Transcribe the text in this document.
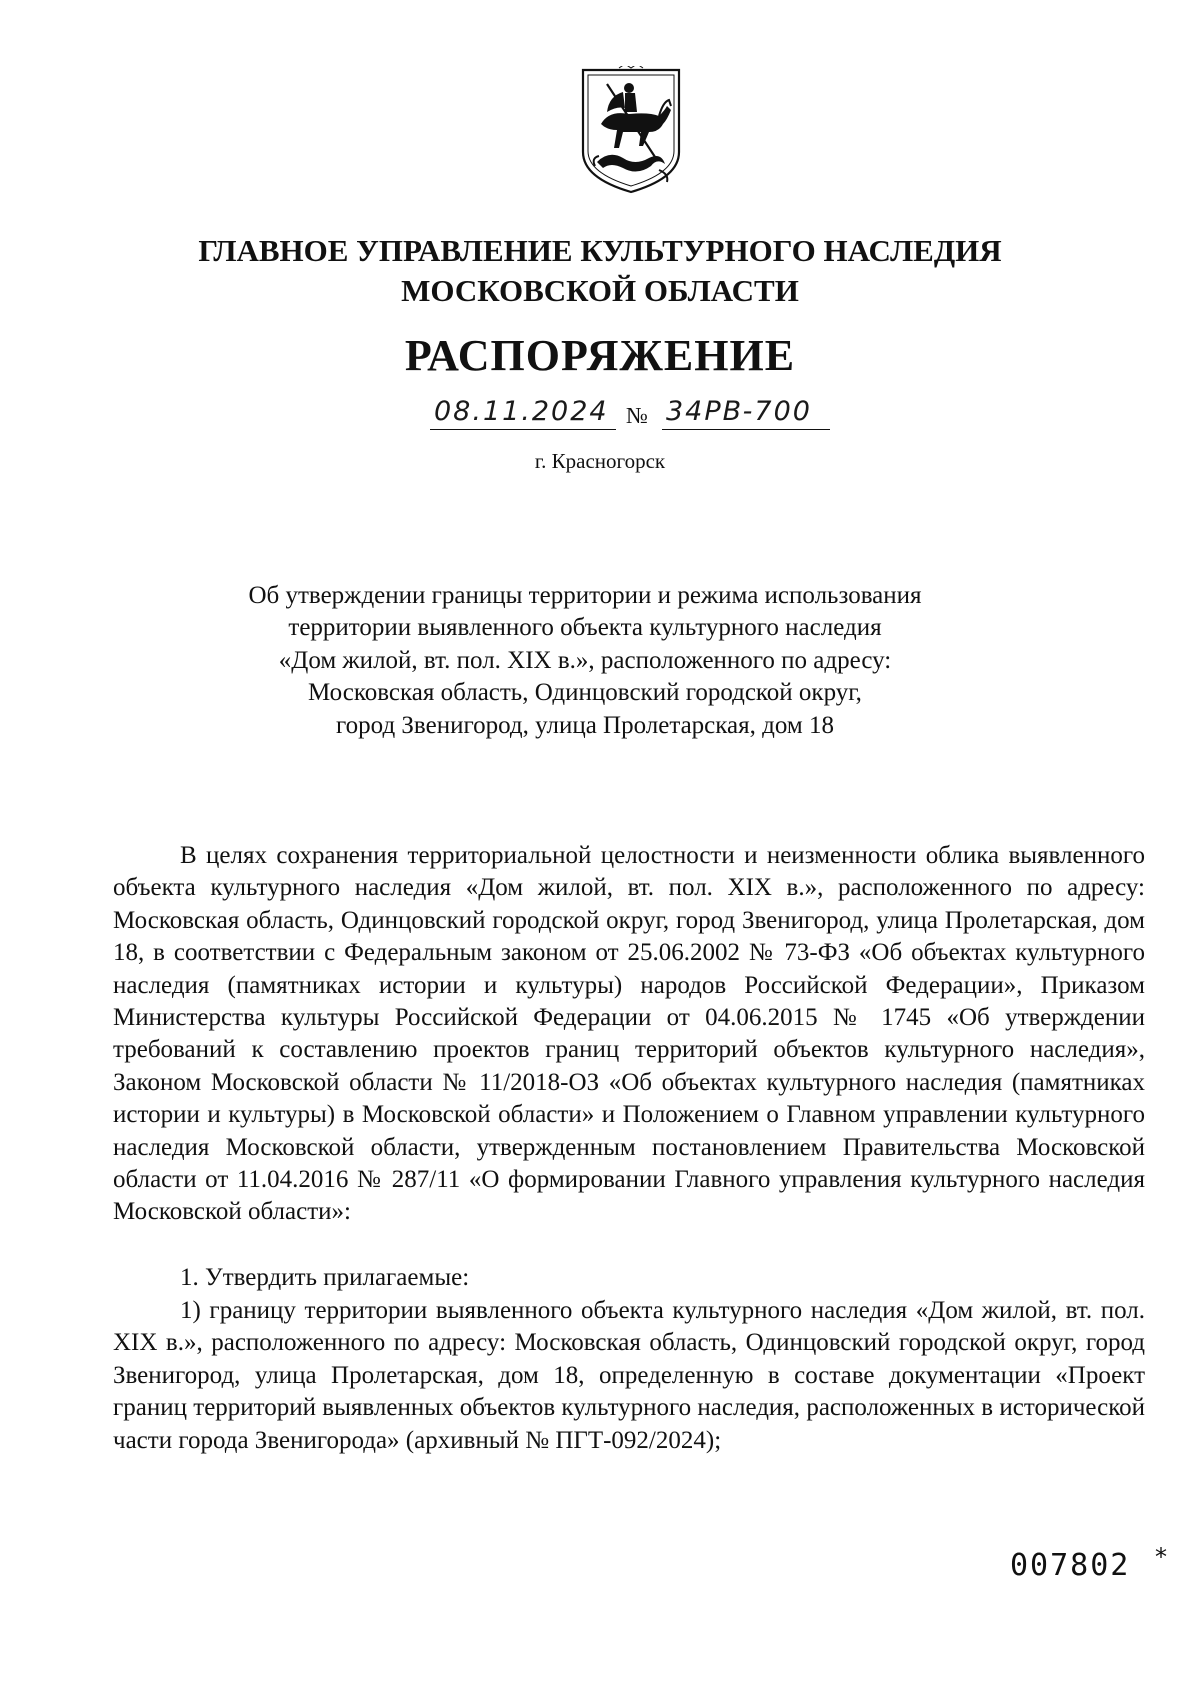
ГЛАВНОЕ УПРАВЛЕНИЕ КУЛЬТУРНОГО НАСЛЕДИЯ
МОСКОВСКОЙ ОБЛАСТИ
РАСПОРЯЖЕНИЕ
08.11.2024 № 34PB-700
г. Красногорск
Об утверждении границы территории и режима использования
территории выявленного объекта культурного наследия
«Дом жилой, вт. пол. XIX в.», расположенного по адресу:
Московская область, Одинцовский городской округ,
город Звенигород, улица Пролетарская, дом 18
В целях сохранения территориальной целостности и неизменности облика выявленного объекта культурного наследия «Дом жилой, вт. пол. XIX в.», расположенного по адресу: Московская область, Одинцовский городской округ, город Звенигород, улица Пролетарская, дом 18, в соответствии с Федеральным законом от 25.06.2002 № 73-ФЗ «Об объектах культурного наследия (памятниках истории и культуры) народов Российской Федерации», Приказом Министерства культуры Российской Федерации от 04.06.2015 № 1745 «Об утверждении требований к составлению проектов границ территорий объектов культурного наследия», Законом Московской области № 11/2018-ОЗ «Об объектах культурного наследия (памятниках истории и культуры) в Московской области» и Положением о Главном управлении культурного наследия Московской области, утвержденным постановлением Правительства Московской области от 11.04.2016 № 287/11 «О формировании Главного управления культурного наследия Московской области»:
1. Утвердить прилагаемые:
1) границу территории выявленного объекта культурного наследия «Дом жилой, вт. пол. XIX в.», расположенного по адресу: Московская область, Одинцовский городской округ, город Звенигород, улица Пролетарская, дом 18, определенную в составе документации «Проект границ территорий выявленных объектов культурного наследия, расположенных в исторической части города Звенигорода» (архивный № ПГТ-092/2024);
007802 *
